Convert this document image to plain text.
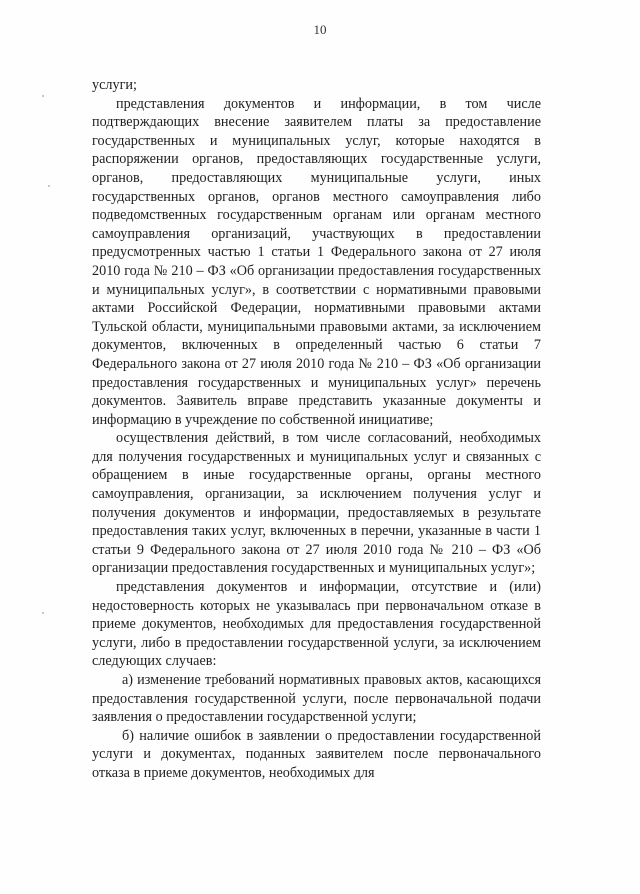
10

услуги;

представления документов и информации, в том числе подтверждающих внесение заявителем платы за предоставление государственных и муниципальных услуг, которые находятся в распоряжении органов, предоставляющих государственные услуги, органов, предоставляющих муниципальные услуги, иных государственных органов, органов местного самоуправления либо подведомственных государственным органам или органам местного самоуправления организаций, участвующих в предоставлении предусмотренных частью 1 статьи 1 Федерального закона от 27 июля 2010 года № 210 – ФЗ «Об организации предоставления государственных и муниципальных услуг», в соответствии с нормативными правовыми актами Российской Федерации, нормативными правовыми актами Тульской области, муниципальными правовыми актами, за исключением документов, включенных в определенный частью 6 статьи 7 Федерального закона от 27 июля 2010 года № 210 – ФЗ «Об организации предоставления государственных и муниципальных услуг» перечень документов. Заявитель вправе представить указанные документы и информацию в учреждение по собственной инициативе;

осуществления действий, в том числе согласований, необходимых для получения государственных и муниципальных услуг и связанных с обращением в иные государственные органы, органы местного самоуправления, организации, за исключением получения услуг и получения документов и информации, предоставляемых в результате предоставления таких услуг, включенных в перечни, указанные в части 1 статьи 9 Федерального закона от 27 июля 2010 года № 210 – ФЗ «Об организации предоставления государственных и муниципальных услуг»;

представления документов и информации, отсутствие и (или) недостоверность которых не указывалась при первоначальном отказе в приеме документов, необходимых для предоставления государственной услуги, либо в предоставлении государственной услуги, за исключением следующих случаев:

а) изменение требований нормативных правовых актов, касающихся предоставления государственной услуги, после первоначальной подачи заявления о предоставлении государственной услуги;

б) наличие ошибок в заявлении о предоставлении государственной услуги и документах, поданных заявителем после первоначального отказа в приеме документов, необходимых для
